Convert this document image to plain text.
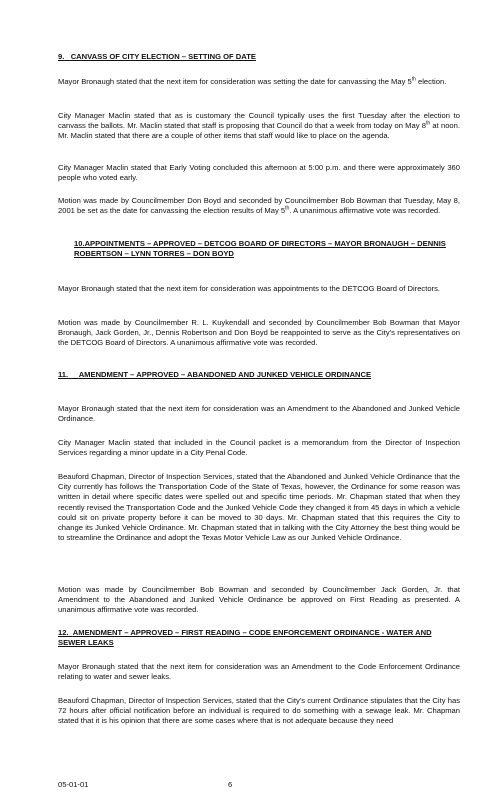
9. CANVASS OF CITY ELECTION – SETTING OF DATE

Mayor Bronaugh stated that the next item for consideration was setting the date for canvassing the May 5th election.

City Manager Maclin stated that as is customary the Council typically uses the first Tuesday after the election to canvass the ballots. Mr. Maclin stated that staff is proposing that Council do that a week from today on May 8th at noon. Mr. Maclin stated that there are a couple of other items that staff would like to place on the agenda.

City Manager Maclin stated that Early Voting concluded this afternoon at 5:00 p.m. and there were approximately 360 people who voted early.

Motion was made by Councilmember Don Boyd and seconded by Councilmember Bob Bowman that Tuesday, May 8, 2001 be set as the date for canvassing the election results of May 5th. A unanimous affirmative vote was recorded.

10.APPOINTMENTS – APPROVED – DETCOG BOARD OF DIRECTORS – MAYOR BRONAUGH – DENNIS ROBERTSON – LYNN TORRES – DON BOYD

Mayor Bronaugh stated that the next item for consideration was appointments to the DETCOG Board of Directors.

Motion was made by Councilmember R. L. Kuykendall and seconded by Councilmember Bob Bowman that Mayor Bronaugh, Jack Gorden, Jr., Dennis Robertson and Don Boyd be reappointed to serve as the City's representatives on the DETCOG Board of Directors. A unanimous affirmative vote was recorded.

11. AMENDMENT – APPROVED – ABANDONED AND JUNKED VEHICLE ORDINANCE

Mayor Bronaugh stated that the next item for consideration was an Amendment to the Abandoned and Junked Vehicle Ordinance.

City Manager Maclin stated that included in the Council packet is a memorandum from the Director of Inspection Services regarding a minor update in a City Penal Code.

Beauford Chapman, Director of Inspection Services, stated that the Abandoned and Junked Vehicle Ordinance that the City currently has follows the Transportation Code of the State of Texas, however, the Ordinance for some reason was written in detail where specific dates were spelled out and specific time periods. Mr. Chapman stated that when they recently revised the Transportation Code and the Junked Vehicle Code they changed it from 45 days in which a vehicle could sit on private property before it can be moved to 30 days. Mr. Chapman stated that this requires the City to change its Junked Vehicle Ordinance. Mr. Chapman stated that in talking with the City Attorney the best thing would be to streamline the Ordinance and adopt the Texas Motor Vehicle Law as our Junked Vehicle Ordinance.

Motion was made by Councilmember Bob Bowman and seconded by Councilmember Jack Gorden, Jr. that Amendment to the Abandoned and Junked Vehicle Ordinance be approved on First Reading as presented. A unanimous affirmative vote was recorded.

12. AMENDMENT – APPROVED – FIRST READING – CODE ENFORCEMENT ORDINANCE - WATER AND SEWER LEAKS

Mayor Bronaugh stated that the next item for consideration was an Amendment to the Code Enforcement Ordinance relating to water and sewer leaks.

Beauford Chapman, Director of Inspection Services, stated that the City's current Ordinance stipulates that the City has 72 hours after official notification before an individual is required to do something with a sewage leak. Mr. Chapman stated that it is his opinion that there are some cases where that is not adequate because they need

05-01-01	6
